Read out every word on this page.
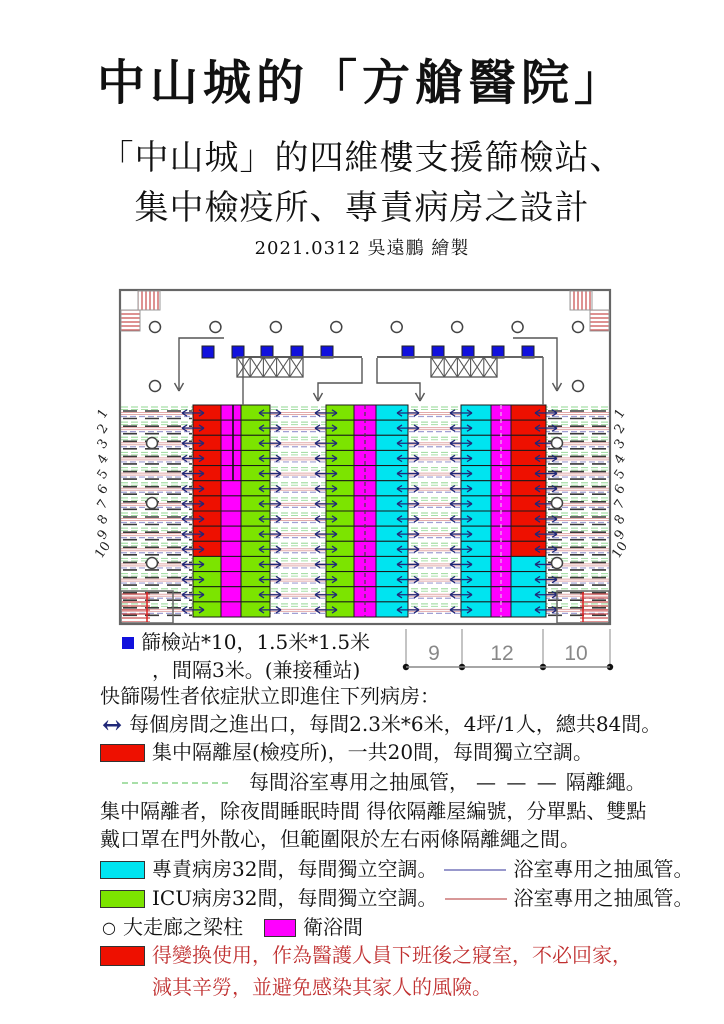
中山城的「方艙醫院」
「中山城」的四維樓支援篩檢站、
集中檢疫所、專責病房之設計
2021.0312 吳遠鵬 繪製
1	1
2	2
3	3
4	4
5	5
6	6
7	7
8	8
9	9
10	10
9 12 10
篩檢站*10，1.5米*1.5米
，間隔3米。(兼接種站)
快篩陽性者依症狀立即進住下列病房：
↔ 每個房間之進出口，每間2.3米*6米，4坪/1人，總共84間。
集中隔離屋(檢疫所)，一共20間，每間獨立空調。
每間浴室專用之抽風管， — — — 隔離繩。
集中隔離者，除夜間睡眠時間 得依隔離屋編號，分單點、雙點
戴口罩在門外散心，但範圍限於左右兩條隔離繩之間。
專責病房32間，每間獨立空調。	浴室專用之抽風管。
ICU病房32間，每間獨立空調。	浴室專用之抽風管。
○ 大走廊之梁柱	衛浴間
得變換使用，作為醫護人員下班後之寢室，不必回家，
減其辛勞，並避免感染其家人的風險。
